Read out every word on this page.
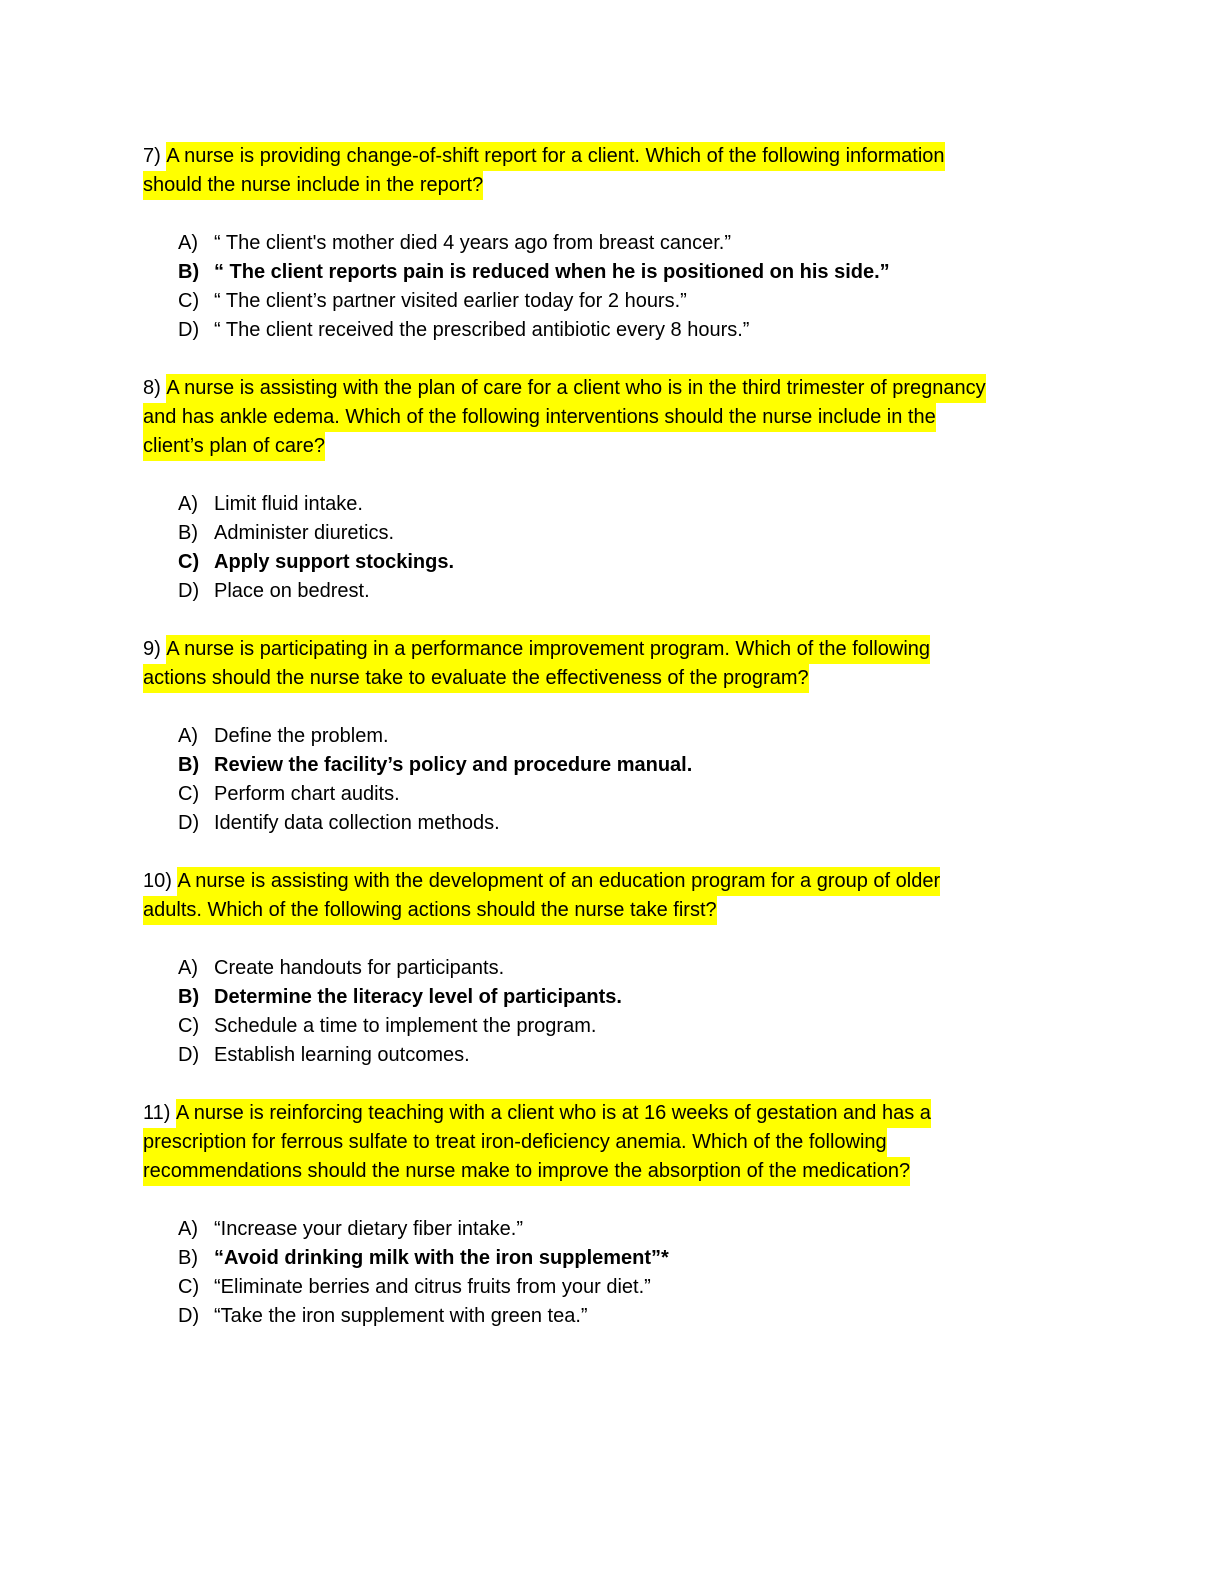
7) A nurse is providing change-of-shift report for a client. Which of the following information
should the nurse include in the report?
A) “ The client's mother died 4 years ago from breast cancer.”
B) “ The client reports pain is reduced when he is positioned on his side.”
C) “ The client’s partner visited earlier today for 2 hours.”
D) “ The client received the prescribed antibiotic every 8 hours.”
8) A nurse is assisting with the plan of care for a client who is in the third trimester of pregnancy
and has ankle edema. Which of the following interventions should the nurse include in the
client’s plan of care?
A) Limit fluid intake.
B) Administer diuretics.
C) Apply support stockings.
D) Place on bedrest.
9) A nurse is participating in a performance improvement program. Which of the following
actions should the nurse take to evaluate the effectiveness of the program?
A) Define the problem.
B) Review the facility’s policy and procedure manual.
C) Perform chart audits.
D) Identify data collection methods.
10) A nurse is assisting with the development of an education program for a group of older
adults. Which of the following actions should the nurse take first?
A) Create handouts for participants.
B) Determine the literacy level of participants.
C) Schedule a time to implement the program.
D) Establish learning outcomes.
11) A nurse is reinforcing teaching with a client who is at 16 weeks of gestation and has a
prescription for ferrous sulfate to treat iron-deficiency anemia. Which of the following
recommendations should the nurse make to improve the absorption of the medication?
A) “Increase your dietary fiber intake.”
B) “Avoid drinking milk with the iron supplement”*
C) “Eliminate berries and citrus fruits from your diet.”
D) “Take the iron supplement with green tea.”
